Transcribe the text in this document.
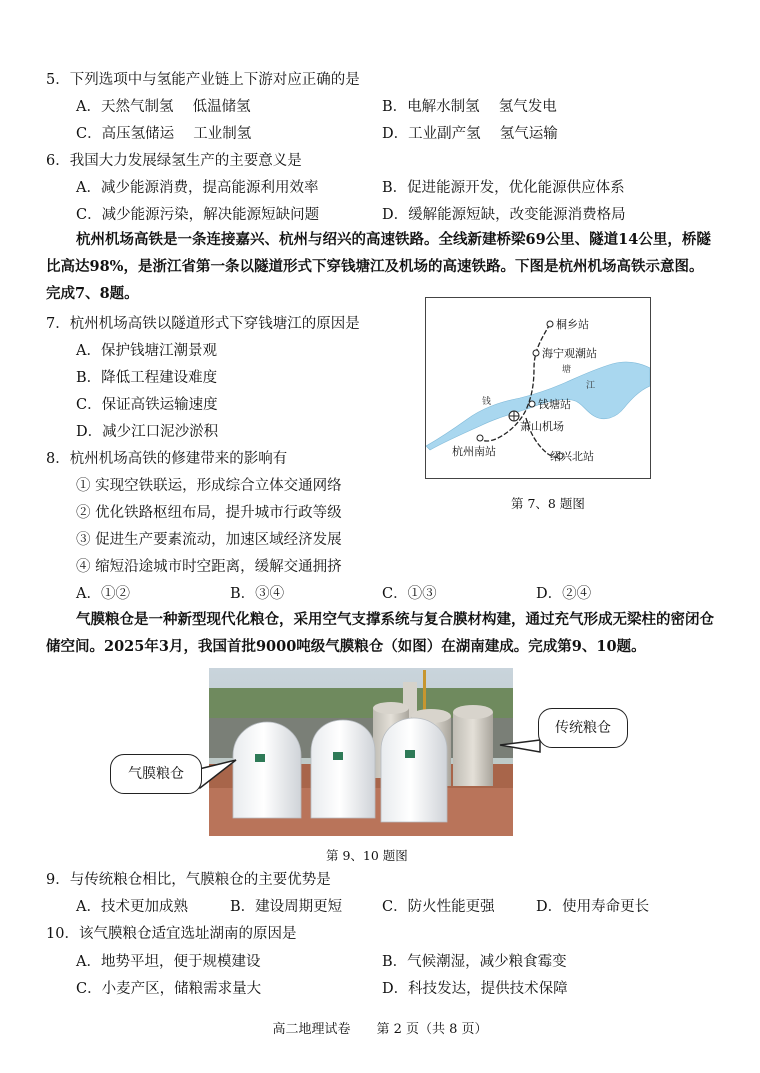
5．下列选项中与氢能产业链上下游对应正确的是
A．天然气制氢　 低温储氢	B．电解水制氢　 氢气发电
C．高压氢储运　 工业制氢	D．工业副产氢　 氢气运输
6．我国大力发展绿氢生产的主要意义是
A．减少能源消费，提高能源利用效率	B．促进能源开发，优化能源供应体系
C．减少能源污染，解决能源短缺问题	D．缓解能源短缺，改变能源消费格局
杭州机场高铁是一条连接嘉兴、杭州与绍兴的高速铁路。全线新建桥梁69公里、隧道14公里，桥隧比高达98%，是浙江省第一条以隧道形式下穿钱塘江及机场的高速铁路。下图是杭州机场高铁示意图。完成7、8题。
7．杭州机场高铁以隧道形式下穿钱塘江的原因是
A．保护钱塘江潮景观
B．降低工程建设难度
C．保证高铁运输速度
D．减少江口泥沙淤积
8．杭州机场高铁的修建带来的影响有
① 实现空铁联运，形成综合立体交通网络
② 优化铁路枢纽布局，提升城市行政等级
③ 促进生产要素流动，加速区域经济发展
④ 缩短沿途城市时空距离，缓解交通拥挤
A．①②	B．③④	C．①③	D．②④
桐乡站
海宁观潮站
钱塘站
萧山机场
杭州南站	绍兴北站
钱
塘
江
第 7、8 题图
气膜粮仓是一种新型现代化粮仓，采用空气支撑系统与复合膜材构建，通过充气形成无梁柱的密闭仓储空间。2025年3月，我国首批9000吨级气膜粮仓（如图）在湖南建成。完成第9、10题。
气膜粮仓
传统粮仓
第 9、10 题图
9．与传统粮仓相比，气膜粮仓的主要优势是
A．技术更加成熟	B．建设周期更短	C．防火性能更强	D．使用寿命更长
10．该气膜粮仓适宜选址湖南的原因是
A．地势平坦，便于规模建设	B．气候潮湿，减少粮食霉变
C．小麦产区，储粮需求量大	D．科技发达，提供技术保障
高二地理试卷　　第 2 页（共 8 页）
